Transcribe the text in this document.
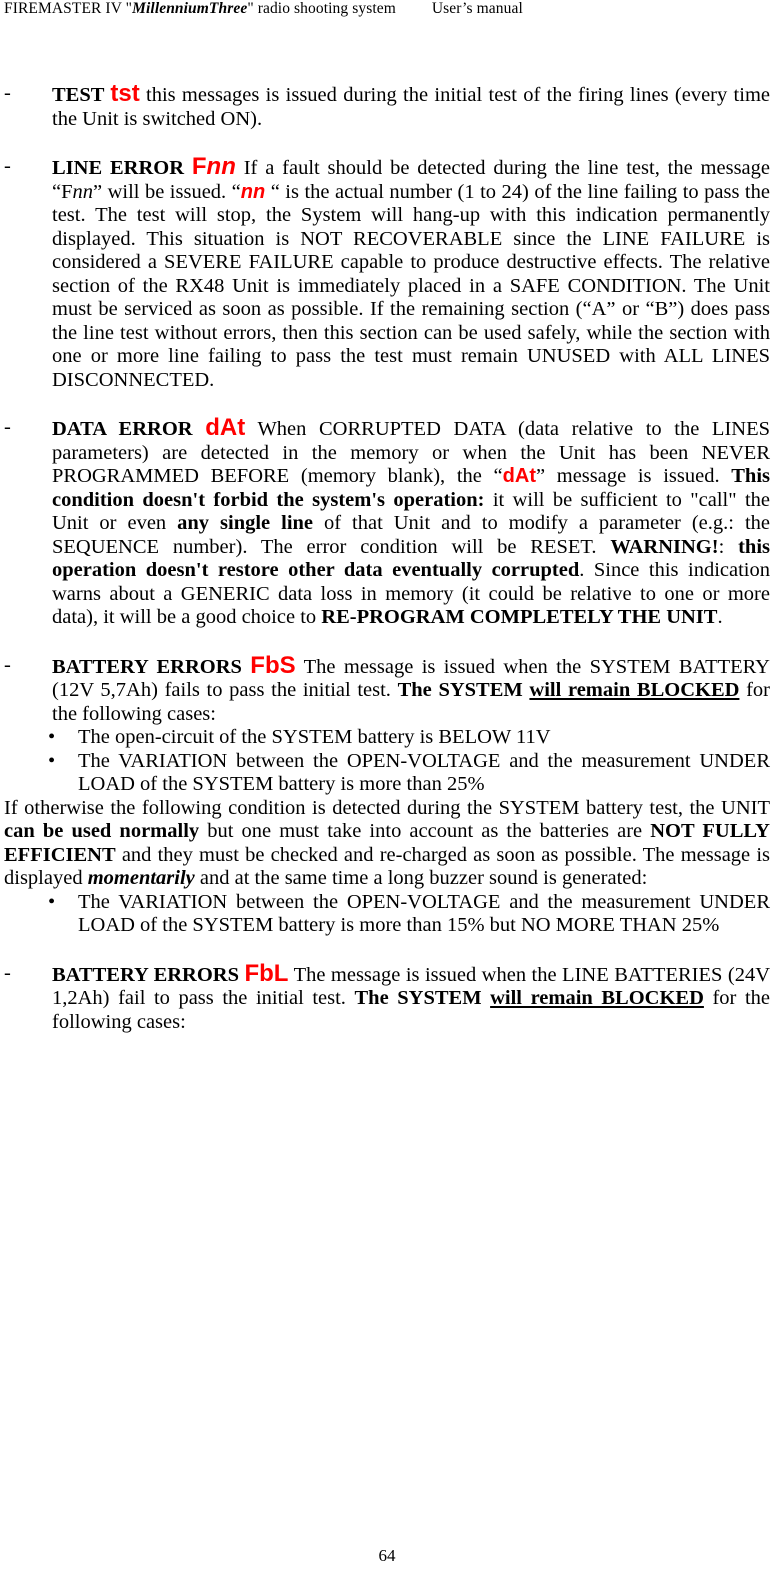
FIREMASTER IV "MillenniumThree" radio shooting system User’s manual
- TEST tst this messages is issued during the initial test of the firing lines (every time the Unit is switched ON).
- LINE ERROR Fnn If a fault should be detected during the line test, the message “Fnn” will be issued. “nn “ is the actual number (1 to 24) of the line failing to pass the test. The test will stop, the System will hang-up with this indication permanently displayed. This situation is NOT RECOVERABLE since the LINE FAILURE is considered a SEVERE FAILURE capable to produce destructive effects. The relative section of the RX48 Unit is immediately placed in a SAFE CONDITION. The Unit must be serviced as soon as possible. If the remaining section (“A” or “B”) does pass the line test without errors, then this section can be used safely, while the section with one or more line failing to pass the test must remain UNUSED with ALL LINES DISCONNECTED.
- DATA ERROR dAt When CORRUPTED DATA (data relative to the LINES parameters) are detected in the memory or when the Unit has been NEVER PROGRAMMED BEFORE (memory blank), the “dAt” message is issued. This condition doesn't forbid the system's operation: it will be sufficient to "call" the Unit or even any single line of that Unit and to modify a parameter (e.g.: the SEQUENCE number). The error condition will be RESET. WARNING!: this operation doesn't restore other data eventually corrupted. Since this indication warns about a GENERIC data loss in memory (it could be relative to one or more data), it will be a good choice to RE-PROGRAM COMPLETELY THE UNIT.
- BATTERY ERRORS FbS The message is issued when the SYSTEM BATTERY (12V 5,7Ah) fails to pass the initial test. The SYSTEM will remain BLOCKED for the following cases:
• The open-circuit of the SYSTEM battery is BELOW 11V
• The VARIATION between the OPEN-VOLTAGE and the measurement UNDER LOAD of the SYSTEM battery is more than 25%
If otherwise the following condition is detected during the SYSTEM battery test, the UNIT can be used normally but one must take into account as the batteries are NOT FULLY EFFICIENT and they must be checked and re-charged as soon as possible. The message is displayed momentarily and at the same time a long buzzer sound is generated:
• The VARIATION between the OPEN-VOLTAGE and the measurement UNDER LOAD of the SYSTEM battery is more than 15% but NO MORE THAN 25%
- BATTERY ERRORS FbL The message is issued when the LINE BATTERIES (24V 1,2Ah) fail to pass the initial test. The SYSTEM will remain BLOCKED for the following cases:
64
